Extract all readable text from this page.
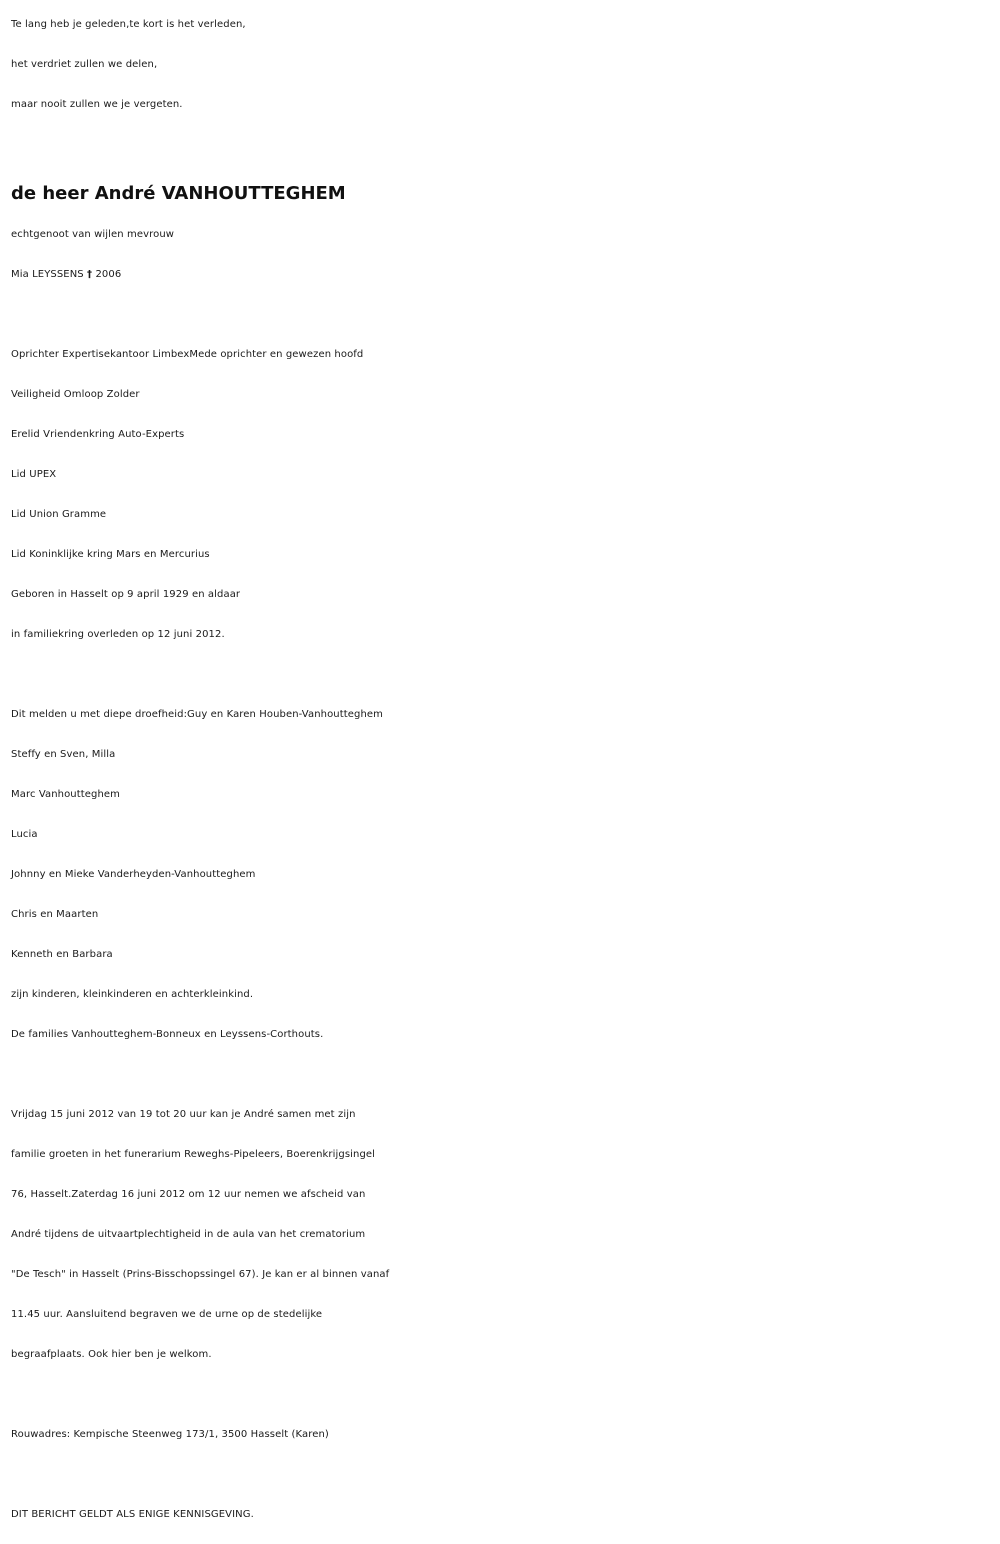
Te lang heb je geleden,te kort is het verleden,
het verdriet zullen we delen,
maar nooit zullen we je vergeten.
de heer André VANHOUTTEGHEM
echtgenoot van wijlen mevrouw
Mia LEYSSENS † 2006
Oprichter Expertisekantoor LimbexMede oprichter en gewezen hoofd
Veiligheid Omloop Zolder
Erelid Vriendenkring Auto-Experts
Lid UPEX
Lid Union Gramme
Lid Koninklijke kring Mars en Mercurius
Geboren in Hasselt op 9 april 1929 en aldaar
in familiekring overleden op 12 juni 2012.
Dit melden u met diepe droefheid:Guy en Karen Houben-Vanhoutteghem
Steffy en Sven, Milla
Marc Vanhoutteghem
Lucia
Johnny en Mieke Vanderheyden-Vanhoutteghem
Chris en Maarten
Kenneth en Barbara
zijn kinderen, kleinkinderen en achterkleinkind.
De families Vanhoutteghem-Bonneux en Leyssens-Corthouts.
Vrijdag 15 juni 2012 van 19 tot 20 uur kan je André samen met zijn
familie groeten in het funerarium Reweghs-Pipeleers, Boerenkrijgsingel
76, Hasselt.Zaterdag 16 juni 2012 om 12 uur nemen we afscheid van
André tijdens de uitvaartplechtigheid in de aula van het crematorium
"De Tesch" in Hasselt (Prins-Bisschopssingel 67). Je kan er al binnen vanaf
11.45 uur. Aansluitend begraven we de urne op de stedelijke
begraafplaats. Ook hier ben je welkom.
Rouwadres: Kempische Steenweg 173/1, 3500 Hasselt (Karen)
DIT BERICHT GELDT ALS ENIGE KENNISGEVING.
